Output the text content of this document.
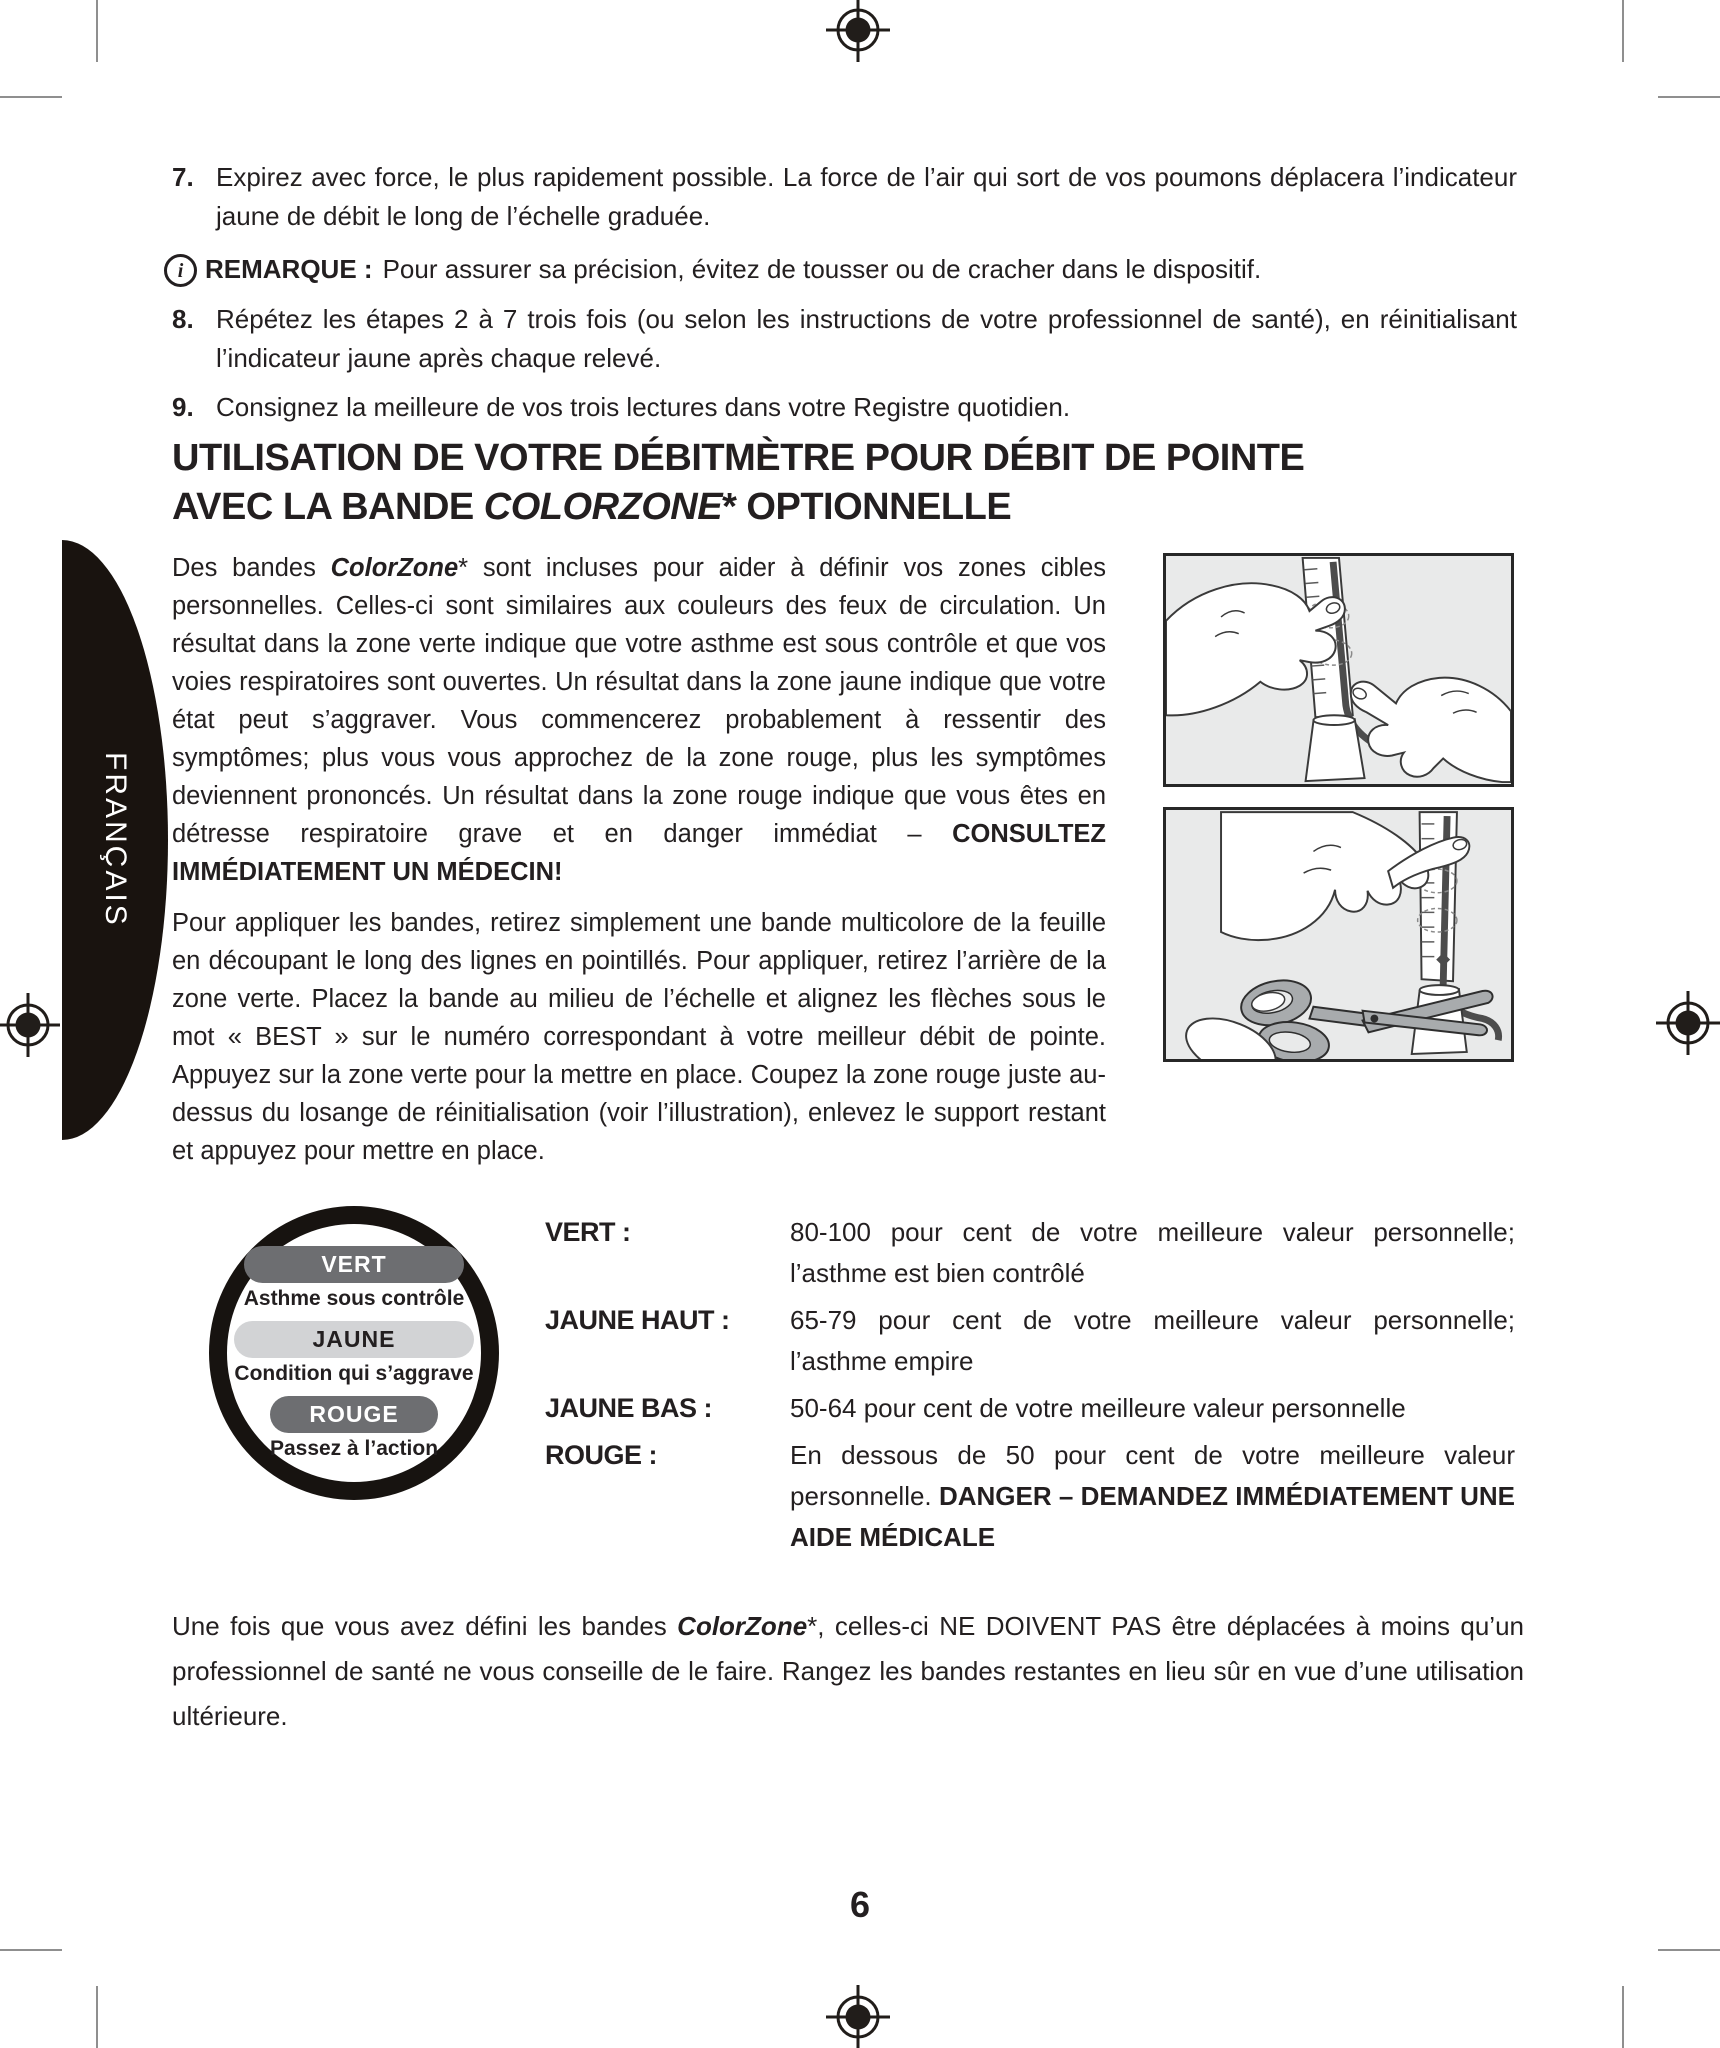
FRANÇAIS
7. Expirez avec force, le plus rapidement possible. La force de l’air qui sort de vos poumons déplacera l’indicateur jaune de débit le long de l’échelle graduée.
i REMARQUE : Pour assurer sa précision, évitez de tousser ou de cracher dans le dispositif.
8. Répétez les étapes 2 à 7 trois fois (ou selon les instructions de votre professionnel de santé), en réinitialisant l’indicateur jaune après chaque relevé.
9. Consignez la meilleure de vos trois lectures dans votre Registre quotidien.
UTILISATION DE VOTRE DÉBITMÈTRE POUR DÉBIT DE POINTE
AVEC LA BANDE COLORZONE* OPTIONNELLE

Des bandes ColorZone* sont incluses pour aider à définir vos zones cibles personnelles. Celles-ci sont similaires aux couleurs des feux de circulation. Un résultat dans la zone verte indique que votre asthme est sous contrôle et que vos voies respiratoires sont ouvertes. Un résultat dans la zone jaune indique que votre état peut s’aggraver. Vous commencerez probablement à ressentir des symptômes; plus vous vous approchez de la zone rouge, plus les symptômes deviennent prononcés. Un résultat dans la zone rouge indique que vous êtes en détresse respiratoire grave et en danger immédiat – CONSULTEZ IMMÉDIATEMENT UN MÉDECIN!

Pour appliquer les bandes, retirez simplement une bande multicolore de la feuille en découpant le long des lignes en pointillés. Pour appliquer, retirez l’arrière de la zone verte. Placez la bande au milieu de l’échelle et alignez les flèches sous le mot « BEST » sur le numéro correspondant à votre meilleur débit de pointe. Appuyez sur la zone verte pour la mettre en place. Coupez la zone rouge juste au-dessus du losange de réinitialisation (voir l’illustration), enlevez le support restant et appuyez pour mettre en place.

VERT
Asthme sous contrôle
JAUNE
Condition qui s’aggrave
ROUGE
Passez à l’action
VERT :	80-100 pour cent de votre meilleure valeur personnelle; l’asthme est bien contrôlé
JAUNE HAUT :	65-79 pour cent de votre meilleure valeur personnelle; l’asthme empire
JAUNE BAS :	50-64 pour cent de votre meilleure valeur personnelle
ROUGE :	En dessous de 50 pour cent de votre meilleure valeur personnelle. DANGER – DEMANDEZ IMMÉDIATEMENT UNE AIDE MÉDICALE
Une fois que vous avez défini les bandes ColorZone*, celles-ci NE DOIVENT PAS être déplacées à moins qu’un professionnel de santé ne vous conseille de le faire. Rangez les bandes restantes en lieu sûr en vue d’une utilisation ultérieure.
6
